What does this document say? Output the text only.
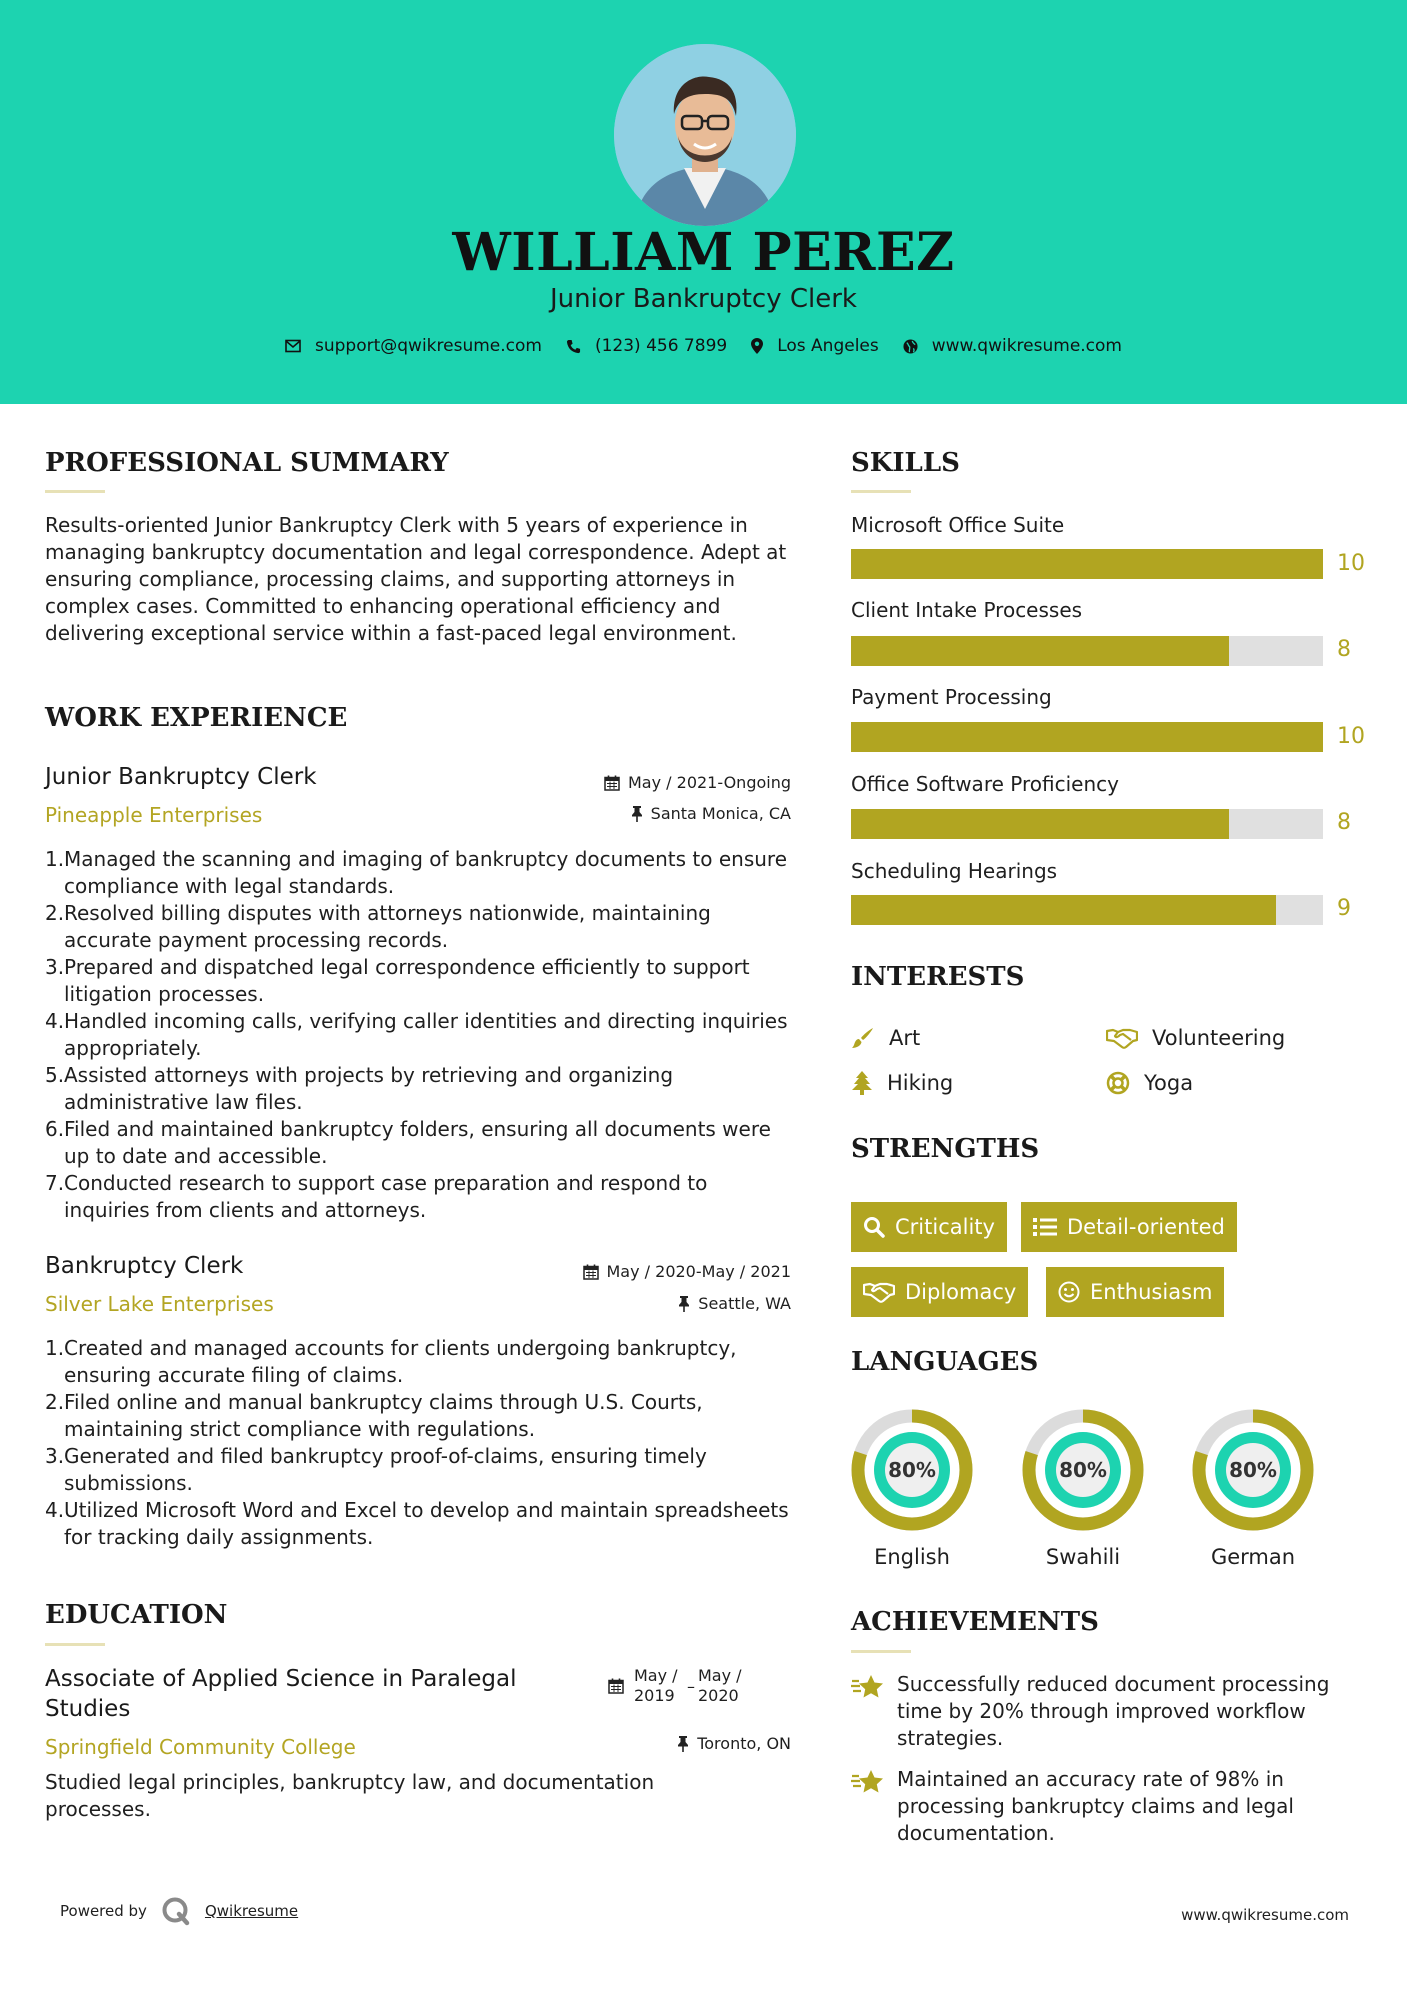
WILLIAM PEREZ
Junior Bankruptcy Clerk
support@qwikresume.com	(123) 456 7899	Los Angeles	www.qwikresume.com
PROFESSIONAL SUMMARY
Results-oriented Junior Bankruptcy Clerk with 5 years of experience in managing bankruptcy documentation and legal correspondence. Adept at ensuring compliance, processing claims, and supporting attorneys in complex cases. Committed to enhancing operational efficiency and delivering exceptional service within a fast-paced legal environment.
WORK EXPERIENCE
Junior Bankruptcy Clerk
Pineapple Enterprises
May / 2021-Ongoing
Santa Monica, CA
Managed the scanning and imaging of bankruptcy documents to ensure compliance with legal standards.
Resolved billing disputes with attorneys nationwide, maintaining accurate payment processing records.
Prepared and dispatched legal correspondence efficiently to support litigation processes.
Handled incoming calls, verifying caller identities and directing inquiries appropriately.
Assisted attorneys with projects by retrieving and organizing administrative law files.
Filed and maintained bankruptcy folders, ensuring all documents were up to date and accessible.
Conducted research to support case preparation and respond to inquiries from clients and attorneys.
Bankruptcy Clerk
Silver Lake Enterprises
May / 2020-May / 2021
Seattle, WA
Created and managed accounts for clients undergoing bankruptcy, ensuring accurate filing of claims.
Filed online and manual bankruptcy claims through U.S. Courts, maintaining strict compliance with regulations.
Generated and filed bankruptcy proof-of-claims, ensuring timely submissions.
Utilized Microsoft Word and Excel to develop and maintain spreadsheets for tracking daily assignments.
EDUCATION
Associate of Applied Science in Paralegal Studies
Springfield Community College
May / 2019 –
May / 2020
Toronto, ON
Studied legal principles, bankruptcy law, and documentation processes.
SKILLS
Microsoft Office Suite
10
Client Intake Processes
8
Payment Processing
10
Office Software Proficiency
8
Scheduling Hearings
9
INTERESTS
Art	Volunteering
Hiking	Yoga
STRENGTHS
Criticality	Detail-oriented
Diplomacy	Enthusiasm
LANGUAGES
80%
English
80%
Swahili
80%
German
ACHIEVEMENTS
Successfully reduced document processing time by 20% through improved workflow strategies.
Maintained an accuracy rate of 98% in processing bankruptcy claims and legal documentation.
Powered by	Qwikresume	www.qwikresume.com
